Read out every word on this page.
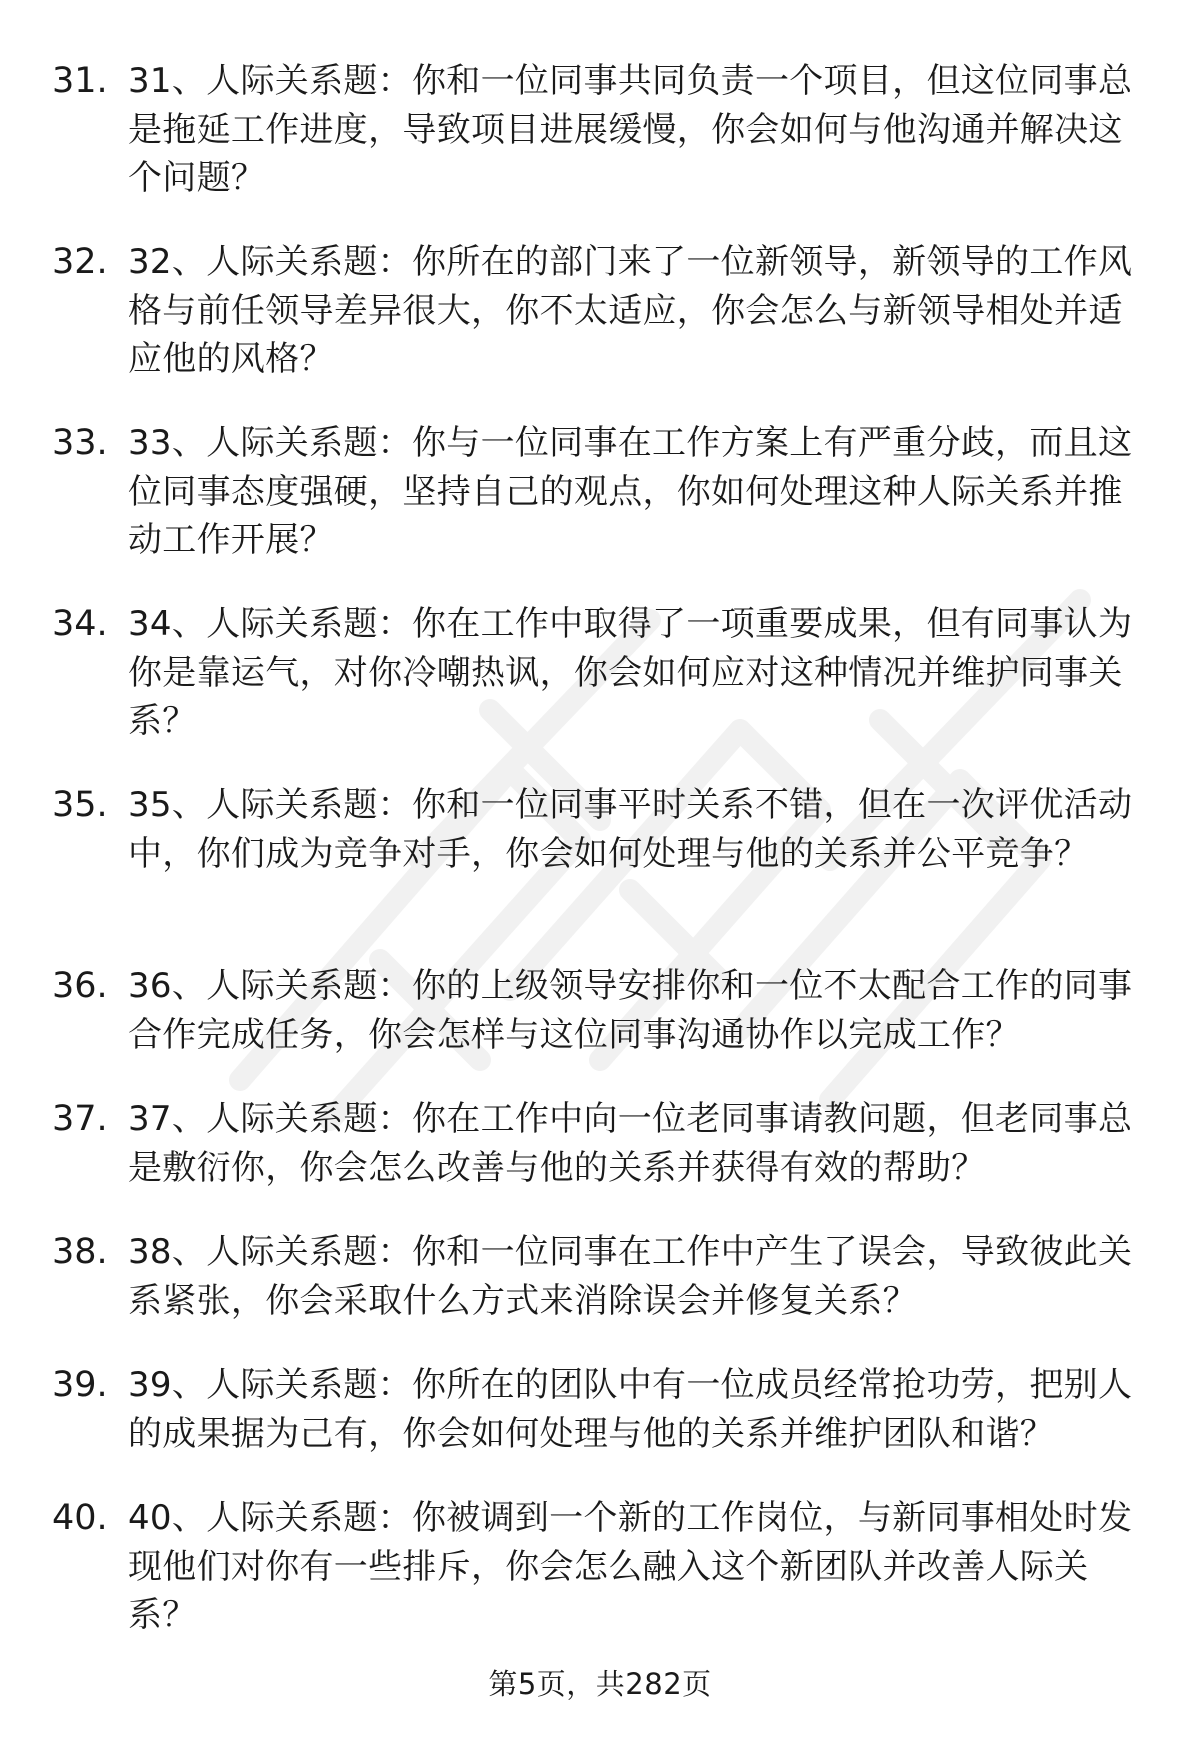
31. 31、人际关系题：你和一位同事共同负责一个项目，但这位同事总是拖延工作进度，导致项目进展缓慢，你会如何与他沟通并解决这个问题？

32. 32、人际关系题：你所在的部门来了一位新领导，新领导的工作风格与前任领导差异很大，你不太适应，你会怎么与新领导相处并适应他的风格？

33. 33、人际关系题：你与一位同事在工作方案上有严重分歧，而且这位同事态度强硬，坚持自己的观点，你如何处理这种人际关系并推动工作开展？

34. 34、人际关系题：你在工作中取得了一项重要成果，但有同事认为你是靠运气，对你冷嘲热讽，你会如何应对这种情况并维护同事关系？

35. 35、人际关系题：你和一位同事平时关系不错，但在一次评优活动中，你们成为竞争对手，你会如何处理与他的关系并公平竞争？

36. 36、人际关系题：你的上级领导安排你和一位不太配合工作的同事合作完成任务，你会怎样与这位同事沟通协作以完成工作？

37. 37、人际关系题：你在工作中向一位老同事请教问题，但老同事总是敷衍你，你会怎么改善与他的关系并获得有效的帮助？

38. 38、人际关系题：你和一位同事在工作中产生了误会，导致彼此关系紧张，你会采取什么方式来消除误会并修复关系？

39. 39、人际关系题：你所在的团队中有一位成员经常抢功劳，把别人的成果据为己有，你会如何处理与他的关系并维护团队和谐？

40. 40、人际关系题：你被调到一个新的工作岗位，与新同事相处时发现他们对你有一些排斥，你会怎么融入这个新团队并改善人际关系？

第5页，共282页
